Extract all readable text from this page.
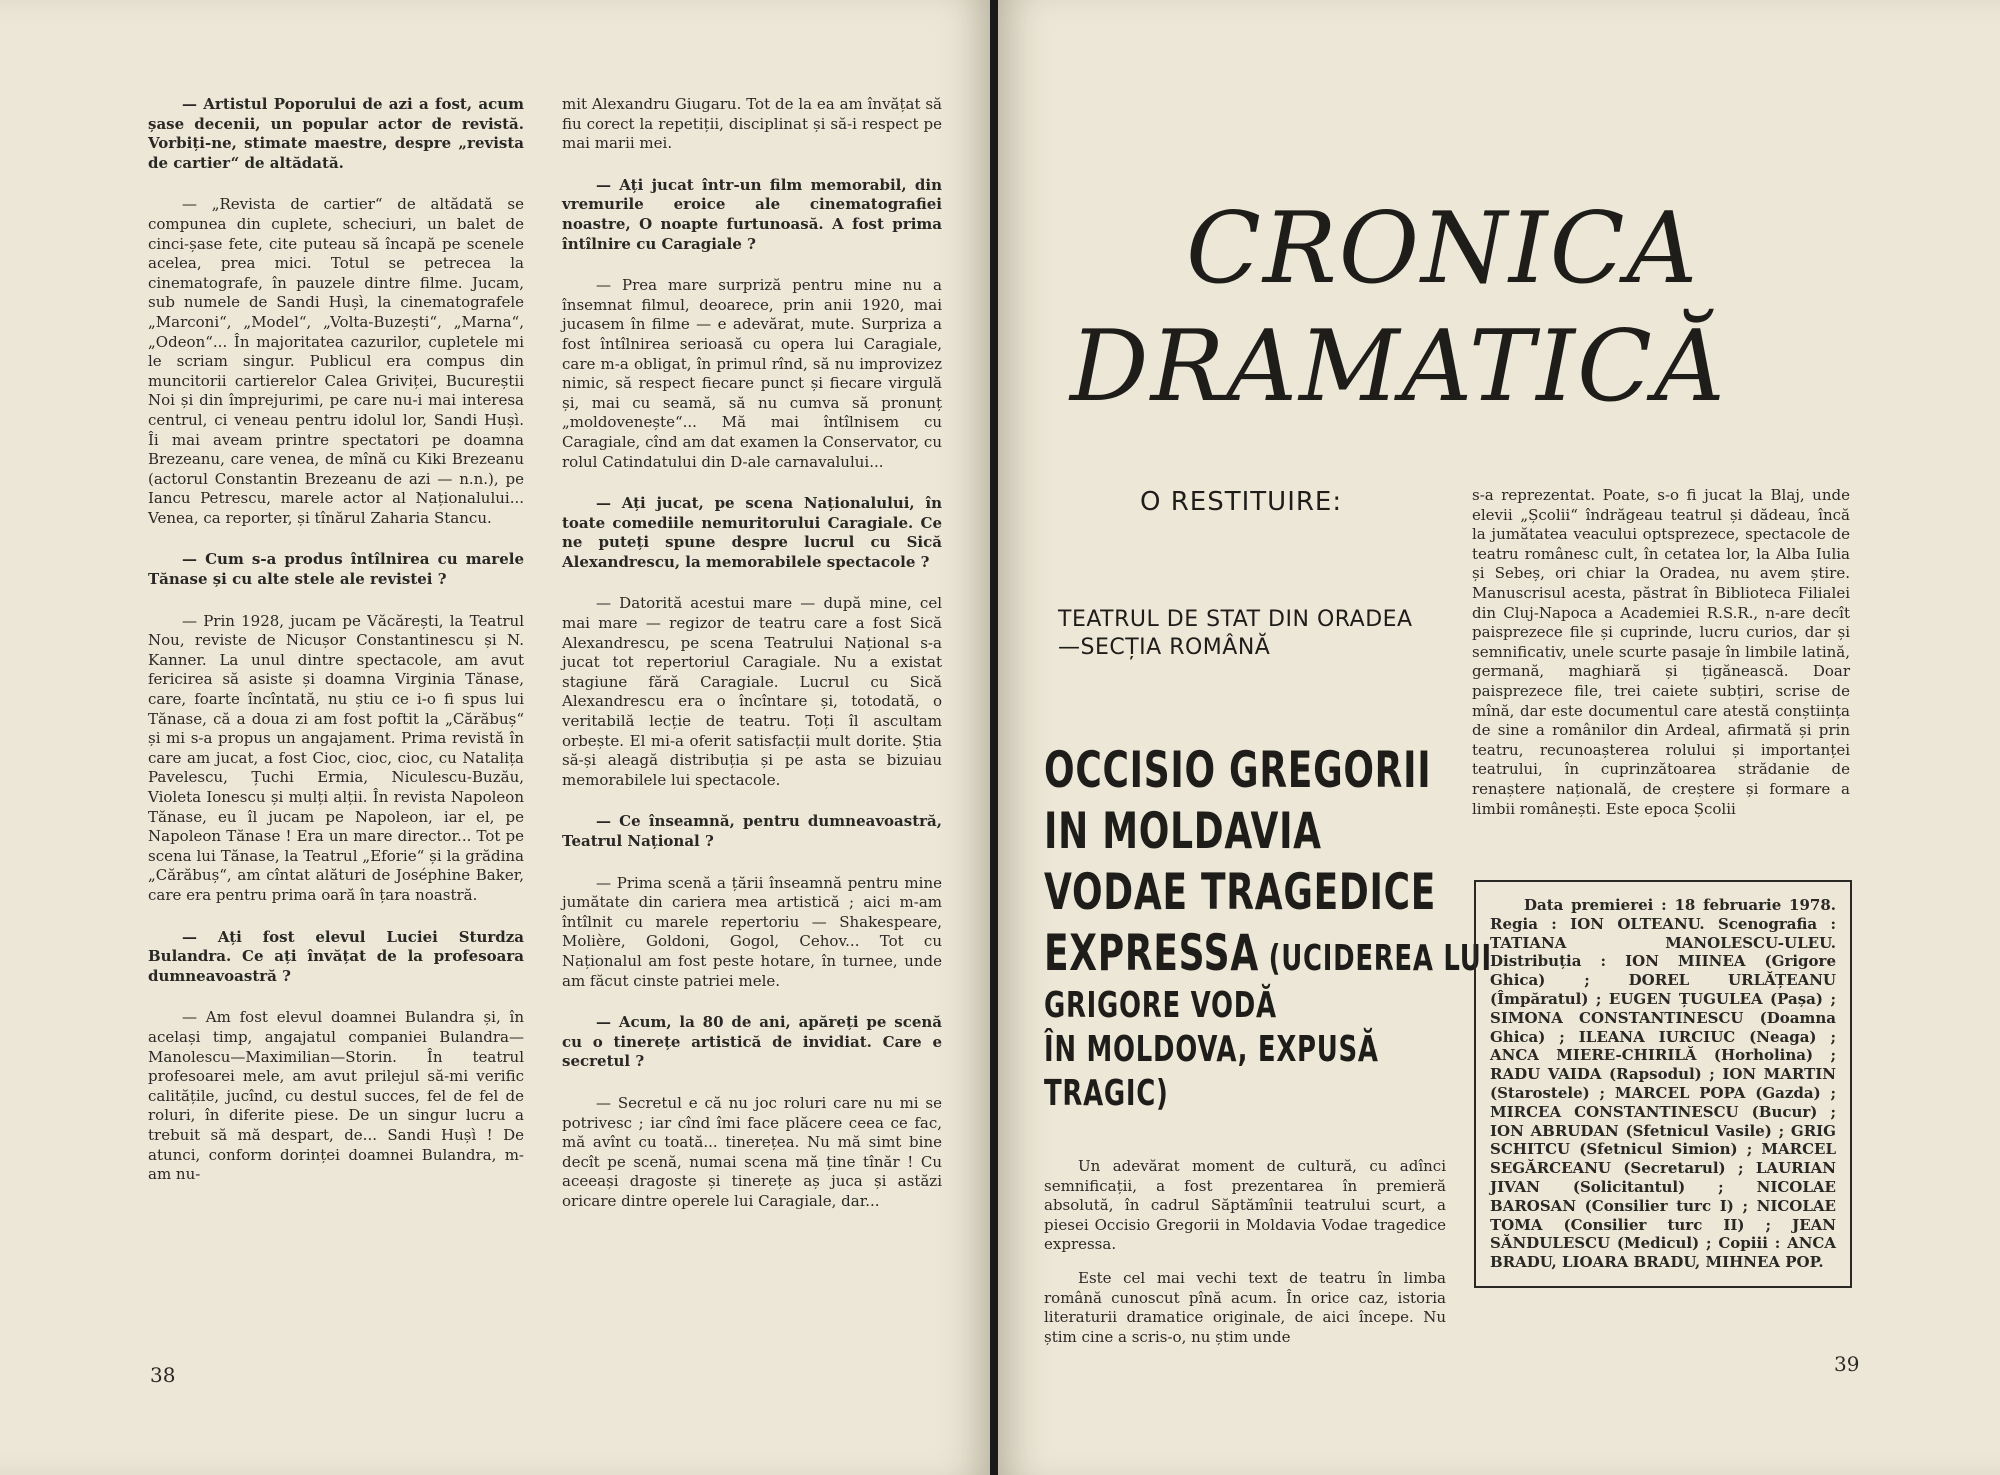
— Artistul Poporului de azi a fost, acum șase decenii, un popular actor de revistă. Vorbiți-ne, stimate maestre, despre „revista de cartier“ de altădată.

— „Revista de cartier“ de altădată se compunea din cuplete, scheciuri, un balet de cinci-șase fete, cite puteau să încapă pe scenele acelea, prea mici. Totul se petrecea la cinematografe, în pauzele dintre filme. Jucam, sub numele de Sandi Hușì, la cinematografele „Marconi“, „Model“, „Volta-Buzești“, „Marna“, „Odeon“... În majoritatea cazurilor, cupletele mi le scriam singur. Publicul era compus din muncitorii cartierelor Calea Griviței, Bucureștii Noi și din împrejurimi, pe care nu-i mai interesa centrul, ci veneau pentru idolul lor, Sandi Hușì. Îi mai aveam printre spectatori pe doamna Brezeanu, care venea, de mînă cu Kiki Brezeanu (actorul Constantin Brezeanu de azi — n.n.), pe Iancu Petrescu, marele actor al Naționalului... Venea, ca reporter, și tînărul Zaharia Stancu.

— Cum s-a produs întîlnirea cu marele Tănase și cu alte stele ale revistei ?

— Prin 1928, jucam pe Văcărești, la Teatrul Nou, reviste de Nicușor Constantinescu și N. Kanner. La unul dintre spectacole, am avut fericirea să asiste și doamna Virginia Tănase, care, foarte încîntată, nu știu ce i-o fi spus lui Tănase, că a doua zi am fost poftit la „Cărăbuș“ și mi s-a propus un angajament. Prima revistă în care am jucat, a fost Cioc, cioc, cioc, cu Natalița Pavelescu, Țuchi Ermia, Niculescu-Buzău, Violeta Ionescu și mulți alții. În revista Napoleon Tănase, eu îl jucam pe Napoleon, iar el, pe Napoleon Tănase ! Era un mare director... Tot pe scena lui Tănase, la Teatrul „Eforie“ și la grădina „Cărăbuș“, am cîntat alături de Joséphine Baker, care era pentru prima oară în țara noastră.

— Ați fost elevul Luciei Sturdza Bulandra. Ce ați învățat de la profesoara dumneavoastră ?

— Am fost elevul doamnei Bulandra și, în același timp, angajatul companiei Bulandra—Manolescu—Maximilian—Storin. În teatrul profesoarei mele, am avut prilejul să-mi verific calitățile, jucînd, cu destul succes, fel de fel de roluri, în diferite piese. De un singur lucru a trebuit să mă despart, de... Sandi Hușì ! De atunci, conform dorinței doamnei Bulandra, m-am nu-

mit Alexandru Giugaru. Tot de la ea am învățat să fiu corect la repetiții, disciplinat și să-i respect pe mai marii mei.

— Ați jucat într-un film memorabil, din vremurile eroice ale cinematografiei noastre, O noapte furtunoasă. A fost prima întîlnire cu Caragiale ?

— Prea mare surpriză pentru mine nu a însemnat filmul, deoarece, prin anii 1920, mai jucasem în filme — e adevărat, mute. Surpriza a fost întîlnirea serioasă cu opera lui Caragiale, care m-a obligat, în primul rînd, să nu improvizez nimic, să respect fiecare punct și fiecare virgulă și, mai cu seamă, să nu cumva să pronunț „moldovenește“... Mă mai întîlnisem cu Caragiale, cînd am dat examen la Conservator, cu rolul Catindatului din D-ale carnavalului...

— Ați jucat, pe scena Naționalului, în toate comediile nemuritorului Caragiale. Ce ne puteți spune despre lucrul cu Sică Alexandrescu, la memorabilele spectacole ?

— Datorită acestui mare — după mine, cel mai mare — regizor de teatru care a fost Sică Alexandrescu, pe scena Teatrului Național s-a jucat tot repertoriul Caragiale. Nu a existat stagiune fără Caragiale. Lucrul cu Sică Alexandrescu era o încîntare și, totodată, o veritabilă lecție de teatru. Toți îl ascultam orbește. El mi-a oferit satisfacții mult dorite. Știa să-și aleagă distribuția și pe asta se bizuiau memorabilele lui spectacole.

— Ce înseamnă, pentru dumneavoastră, Teatrul Național ?

— Prima scenă a țării înseamnă pentru mine jumătate din cariera mea artistică ; aici m-am întîlnit cu marele repertoriu — Shakespeare, Molière, Goldoni, Gogol, Cehov... Tot cu Naționalul am fost peste hotare, în turnee, unde am făcut cinste patriei mele.

— Acum, la 80 de ani, apăreți pe scenă cu o tinerețe artistică de invidiat. Care e secretul ?

— Secretul e că nu joc roluri care nu mi se potrivesc ; iar cînd îmi face plăcere ceea ce fac, mă avînt cu toată... tinerețea. Nu mă simt bine decît pe scenă, numai scena mă ține tînăr ! Cu aceeași dragoste și tinerețe aș juca și astăzi oricare dintre operele lui Caragiale, dar...

38
CRONICA
DRAMATICĂ
O RESTITUIRE:
TEATRUL DE STAT DIN ORADEA
—SECȚIA ROMÂNĂ
OCCISIO GREGORII
IN MOLDAVIA
VODAE TRAGEDICE
EXPRESSA (UCIDEREA LUI
GRIGORE VODĂ
ÎN MOLDOVA, EXPUSĂ
TRAGIC)

Un adevărat moment de cultură, cu adînci semnificații, a fost prezentarea în premieră absolută, în cadrul Săptămînii teatrului scurt, a piesei Occisio Gregorii in Moldavia Vodae tragedice expressa.

Este cel mai vechi text de teatru în limba română cunoscut pînă acum. În orice caz, istoria literaturii dramatice originale, de aici începe. Nu știm cine a scris-o, nu știm unde

s-a reprezentat. Poate, s-o fi jucat la Blaj, unde elevii „Școlii“ îndrăgeau teatrul și dădeau, încă la jumătatea veacului optsprezece, spectacole de teatru românesc cult, în cetatea lor, la Alba Iulia și Sebeș, ori chiar la Oradea, nu avem știre. Manuscrisul acesta, păstrat în Biblioteca Filialei din Cluj-Napoca a Academiei R.S.R., n-are decît paisprezece file și cuprinde, lucru curios, dar și semnificativ, unele scurte pasaje în limbile latină, germană, maghiară și țigănească. Doar paisprezece file, trei caiete subțiri, scrise de mînă, dar este documentul care atestă conștiința de sine a românilor din Ardeal, afirmată și prin teatru, recunoașterea rolului și importanței teatrului, în cuprinzătoarea strădanie de renaștere națională, de creștere și formare a limbii românești. Este epoca Școlii

Data premierei : 18 februarie 1978. Regia : ION OLTEANU. Scenografia : TATIANA MANOLESCU-ULEU. Distribuția : ION MIINEA (Grigore Ghica) ; DOREL URLĂȚEANU (Împăratul) ; EUGEN ȚUGULEA (Pașa) ; SIMONA CONSTANTINESCU (Doamna Ghica) ; ILEANA IURCIUC (Neaga) ; ANCA MIERE-CHIRILĂ (Horholina) ; RADU VAIDA (Rapsodul) ; ION MARTIN (Starostele) ; MARCEL POPA (Gazda) ; MIRCEA CONSTANTINESCU (Bucur) ; ION ABRUDAN (Sfetnicul Vasile) ; GRIG SCHITCU (Sfetnicul Simion) ; MARCEL SEGĂRCEANU (Secretarul) ; LAURIAN JIVAN (Solicitantul) ; NICOLAE BAROSAN (Consilier turc I) ; NICOLAE TOMA (Consilier turc II) ; JEAN SĂNDULESCU (Medicul) ; Copiii : ANCA BRADU, LIOARA BRADU, MIHNEA POP.

39
